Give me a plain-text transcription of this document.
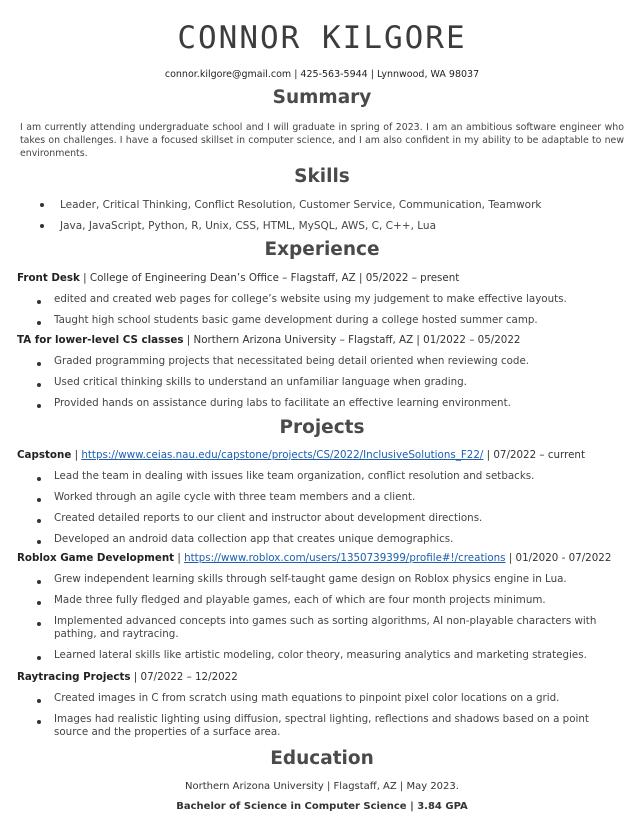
CONNOR KILGORE
connor.kilgore@gmail.com | 425-563-5944 | Lynnwood, WA 98037
Summary
I am currently attending undergraduate school and I will graduate in spring of 2023. I am an ambitious software engineer who takes on challenges. I have a focused skillset in computer science, and I am also confident in my ability to be adaptable to new environments.
Skills
Leader, Critical Thinking, Conflict Resolution, Customer Service, Communication, Teamwork
Java, JavaScript, Python, R, Unix, CSS, HTML, MySQL, AWS, C, C++, Lua
Experience
Front Desk | College of Engineering Dean’s Office – Flagstaff, AZ | 05/2022 – present
edited and created web pages for college’s website using my judgement to make effective layouts.
Taught high school students basic game development during a college hosted summer camp.
TA for lower-level CS classes | Northern Arizona University – Flagstaff, AZ | 01/2022 – 05/2022
Graded programming projects that necessitated being detail oriented when reviewing code.
Used critical thinking skills to understand an unfamiliar language when grading.
Provided hands on assistance during labs to facilitate an effective learning environment.
Projects
Capstone | https://www.ceias.nau.edu/capstone/projects/CS/2022/InclusiveSolutions_F22/ | 07/2022 – current
Lead the team in dealing with issues like team organization, conflict resolution and setbacks.
Worked through an agile cycle with three team members and a client.
Created detailed reports to our client and instructor about development directions.
Developed an android data collection app that creates unique demographics.
Roblox Game Development | https://www.roblox.com/users/1350739399/profile#!/creations | 01/2020 - 07/2022
Grew independent learning skills through self-taught game design on Roblox physics engine in Lua.
Made three fully fledged and playable games, each of which are four month projects minimum.
Implemented advanced concepts into games such as sorting algorithms, AI non-playable characters with pathing, and raytracing.
Learned lateral skills like artistic modeling, color theory, measuring analytics and marketing strategies.
Raytracing Projects | 07/2022 – 12/2022
Created images in C from scratch using math equations to pinpoint pixel color locations on a grid.
Images had realistic lighting using diffusion, spectral lighting, reflections and shadows based on a point source and the properties of a surface area.
Education
Northern Arizona University | Flagstaff, AZ | May 2023.
Bachelor of Science in Computer Science | 3.84 GPA
